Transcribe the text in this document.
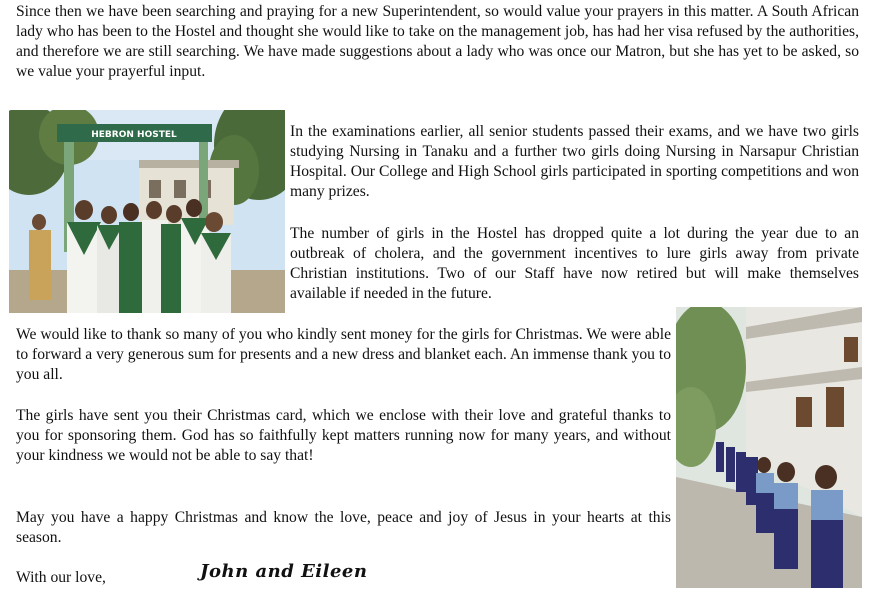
Since then we have been searching and praying for a new Superintendent, so would value your prayers in this matter. A South African lady who has been to the Hostel and thought she would like to take on the management job, has had her visa refused by the authorities, and therefore we are still searching. We have made suggestions about a lady who was once our Matron, but she has yet to be asked, so we value your prayerful input.
HEBRON HOSTEL	In the examinations earlier, all senior students passed their exams, and we have two girls studying Nursing in Tanaku and a further two girls doing Nursing in Narsapur Christian Hospital. Our College and High School girls participated in sporting competitions and won many prizes.
The number of girls in the Hostel has dropped quite a lot during the year due to an outbreak of cholera, and the government incentives to lure girls away from private Christian institutions. Two of our Staff have now retired but will make themselves available if needed in the future.
We would like to thank so many of you who kindly sent money for the girls for Christmas. We were able to forward a very generous sum for presents and a new dress and blanket each. An immense thank you to you all.
The girls have sent you their Christmas card, which we enclose with their love and grateful thanks to you for sponsoring them. God has so faithfully kept matters running now for many years, and without your kindness we would not be able to say that!
May you have a happy Christmas and know the love, peace and joy of Jesus in your hearts at this season.
With our love,	John and Eileen
